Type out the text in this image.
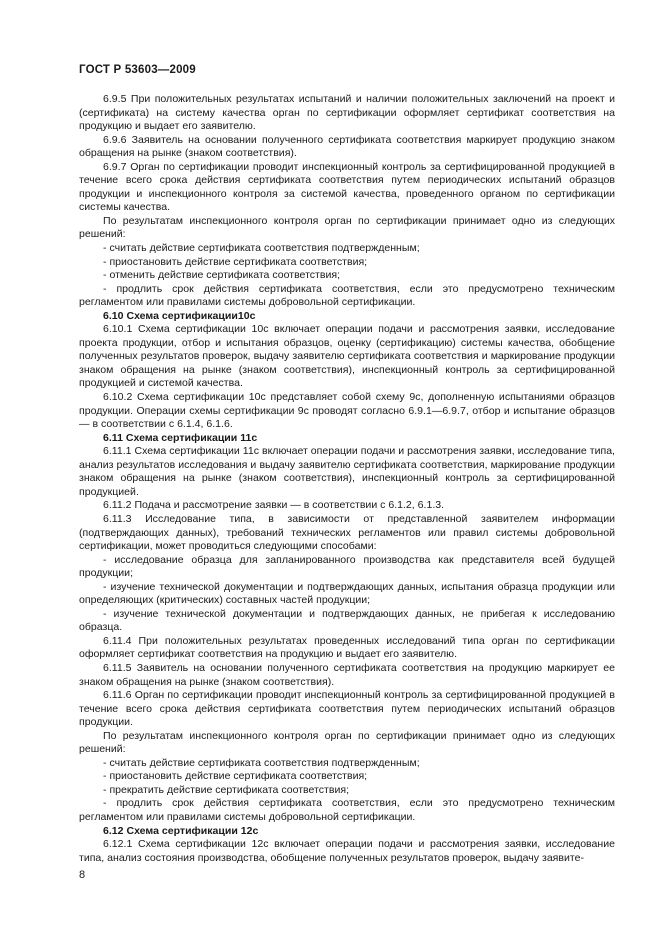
ГОСТ Р 53603—2009

6.9.5 При положительных результатах испытаний и наличии положительных заключений на проект и (сертификата) на систему качества орган по сертификации оформляет сертификат соответствия на продукцию и выдает его заявителю.

6.9.6 Заявитель на основании полученного сертификата соответствия маркирует продукцию знаком обращения на рынке (знаком соответствия).

6.9.7 Орган по сертификации проводит инспекционный контроль за сертифицированной продукцией в течение всего срока действия сертификата соответствия путем периодических испытаний образцов продукции и инспекционного контроля за системой качества, проведенного органом по сертификации системы качества.

По результатам инспекционного контроля орган по сертификации принимает одно из следующих решений:

- считать действие сертификата соответствия подтвержденным;

- приостановить действие сертификата соответствия;

- отменить действие сертификата соответствия;

- продлить срок действия сертификата соответствия, если это предусмотрено техническим регламентом или правилами системы добровольной сертификации.

6.10 Схема сертификации10с

6.10.1 Схема сертификации 10с включает операции подачи и рассмотрения заявки, исследование проекта продукции, отбор и испытания образцов, оценку (сертификацию) системы качества, обобщение полученных результатов проверок, выдачу заявителю сертификата соответствия и маркирование продукции знаком обращения на рынке (знаком соответствия), инспекционный контроль за сертифицированной продукцией и системой качества.

6.10.2 Схема сертификации 10с представляет собой схему 9с, дополненную испытаниями образцов продукции. Операции схемы сертификации 9с проводят согласно 6.9.1—6.9.7, отбор и испытание образцов — в соответствии с 6.1.4, 6.1.6.

6.11 Схема сертификации 11с

6.11.1 Схема сертификации 11с включает операции подачи и рассмотрения заявки, исследование типа, анализ результатов исследования и выдачу заявителю сертификата соответствия, маркирование продукции знаком обращения на рынке (знаком соответствия), инспекционный контроль за сертифицированной продукцией.

6.11.2 Подача и рассмотрение заявки — в соответствии с 6.1.2, 6.1.3.

6.11.3 Исследование типа, в зависимости от представленной заявителем информации (подтверждающих данных), требований технических регламентов или правил системы добровольной сертификации, может проводиться следующими способами:

- исследование образца для запланированного производства как представителя всей будущей продукции;

- изучение технической документации и подтверждающих данных, испытания образца продукции или определяющих (критических) составных частей продукции;

- изучение технической документации и подтверждающих данных, не прибегая к исследованию образца.

6.11.4 При положительных результатах проведенных исследований типа орган по сертификации оформляет сертификат соответствия на продукцию и выдает его заявителю.

6.11.5 Заявитель на основании полученного сертификата соответствия на продукцию маркирует ее знаком обращения на рынке (знаком соответствия).

6.11.6 Орган по сертификации проводит инспекционный контроль за сертифицированной продукцией в течение всего срока действия сертификата соответствия путем периодических испытаний образцов продукции.

По результатам инспекционного контроля орган по сертификации принимает одно из следующих решений:

- считать действие сертификата соответствия подтвержденным;

- приостановить действие сертификата соответствия;

- прекратить действие сертификата соответствия;

- продлить срок действия сертификата соответствия, если это предусмотрено техническим регламентом или правилами системы добровольной сертификации.

6.12 Схема сертификации 12с

6.12.1 Схема сертификации 12с включает операции подачи и рассмотрения заявки, исследование типа, анализ состояния производства, обобщение полученных результатов проверок, выдачу заявите-

8
